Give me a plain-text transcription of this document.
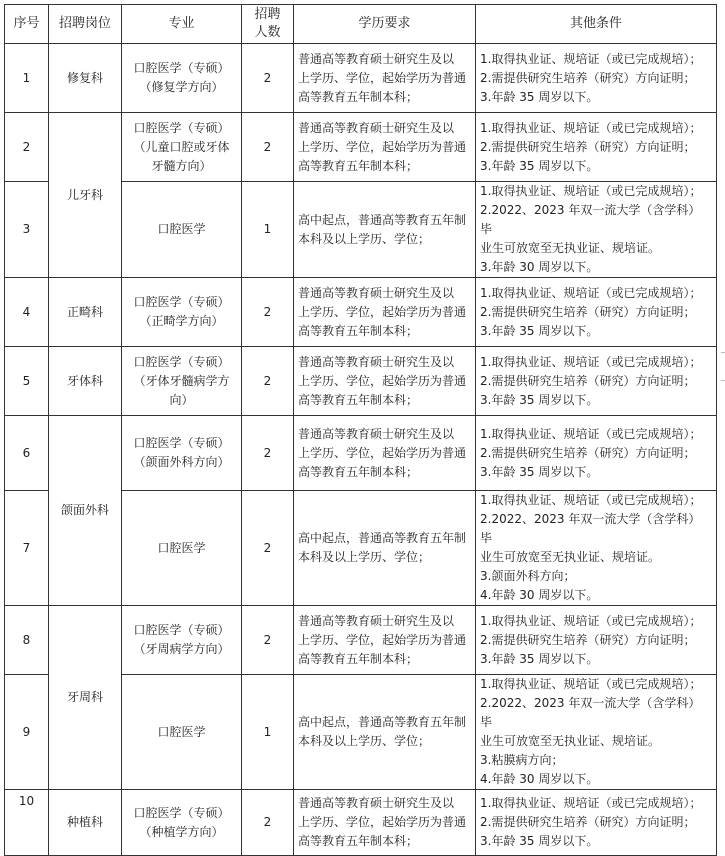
序号	招聘岗位	专业	招聘
人数	学历要求	其他条件
1	修复科	口腔医学（专硕）
（修复学方向）	2	普通高等教育硕士研究生及以
上学历、学位，起始学历为普通
高等教育五年制本科；	1.取得执业证、规培证（或已完成规培）；
2.需提供研究生培养（研究）方向证明；
3.年龄 35 周岁以下。
2	儿牙科	口腔医学（专硕）
（儿童口腔或牙体
牙髓方向）	2	普通高等教育硕士研究生及以
上学历、学位，起始学历为普通
高等教育五年制本科；	1.取得执业证、规培证（或已完成规培）；
2.需提供研究生培养（研究）方向证明；
3.年龄 35 周岁以下。
3		口腔医学	1	高中起点，普通高等教育五年制
本科及以上学历、学位；	1.取得执业证、规培证（或已完成规培）；
2.2022、2023 年双一流大学（含学科）毕
业生可放宽至无执业证、规培证。
3.年龄 30 周岁以下。
4	正畸科	口腔医学（专硕）
（正畸学方向）	2	普通高等教育硕士研究生及以
上学历、学位，起始学历为普通
高等教育五年制本科；	1.取得执业证、规培证（或已完成规培）；
2.需提供研究生培养（研究）方向证明；
3.年龄 35 周岁以下。
5	牙体科	口腔医学（专硕）
（牙体牙髓病学方
向）	2	普通高等教育硕士研究生及以
上学历、学位，起始学历为普通
高等教育五年制本科；	1.取得执业证、规培证（或已完成规培）；
2.需提供研究生培养（研究）方向证明；
3.年龄 35 周岁以下。
6	颌面外科	口腔医学（专硕）
（颌面外科方向）	2	普通高等教育硕士研究生及以
上学历、学位，起始学历为普通
高等教育五年制本科；	1.取得执业证、规培证（或已完成规培）；
2.需提供研究生培养（研究）方向证明；
3.年龄 35 周岁以下。
7		口腔医学	2	高中起点，普通高等教育五年制
本科及以上学历、学位；	1.取得执业证、规培证（或已完成规培）；
2.2022、2023 年双一流大学（含学科）毕
业生可放宽至无执业证、规培证。
3.颌面外科方向；
4.年龄 30 周岁以下。
8	牙周科	口腔医学（专硕）
（牙周病学方向）	2	普通高等教育硕士研究生及以
上学历、学位，起始学历为普通
高等教育五年制本科；	1.取得执业证、规培证（或已完成规培）；
2.需提供研究生培养（研究）方向证明；
3.年龄 35 周岁以下。
9		口腔医学	1	高中起点，普通高等教育五年制
本科及以上学历、学位；	1.取得执业证、规培证（或已完成规培）；
2.2022、2023 年双一流大学（含学科）毕
业生可放宽至无执业证、规培证。
3.粘膜病方向；
4.年龄 30 周岁以下。
10	种植科	口腔医学（专硕）
（种植学方向）	2	普通高等教育硕士研究生及以
上学历、学位，起始学历为普通
高等教育五年制本科；	1.取得执业证、规培证（或已完成规培）；
2.需提供研究生培养（研究）方向证明；
3.年龄 35 周岁以下。
